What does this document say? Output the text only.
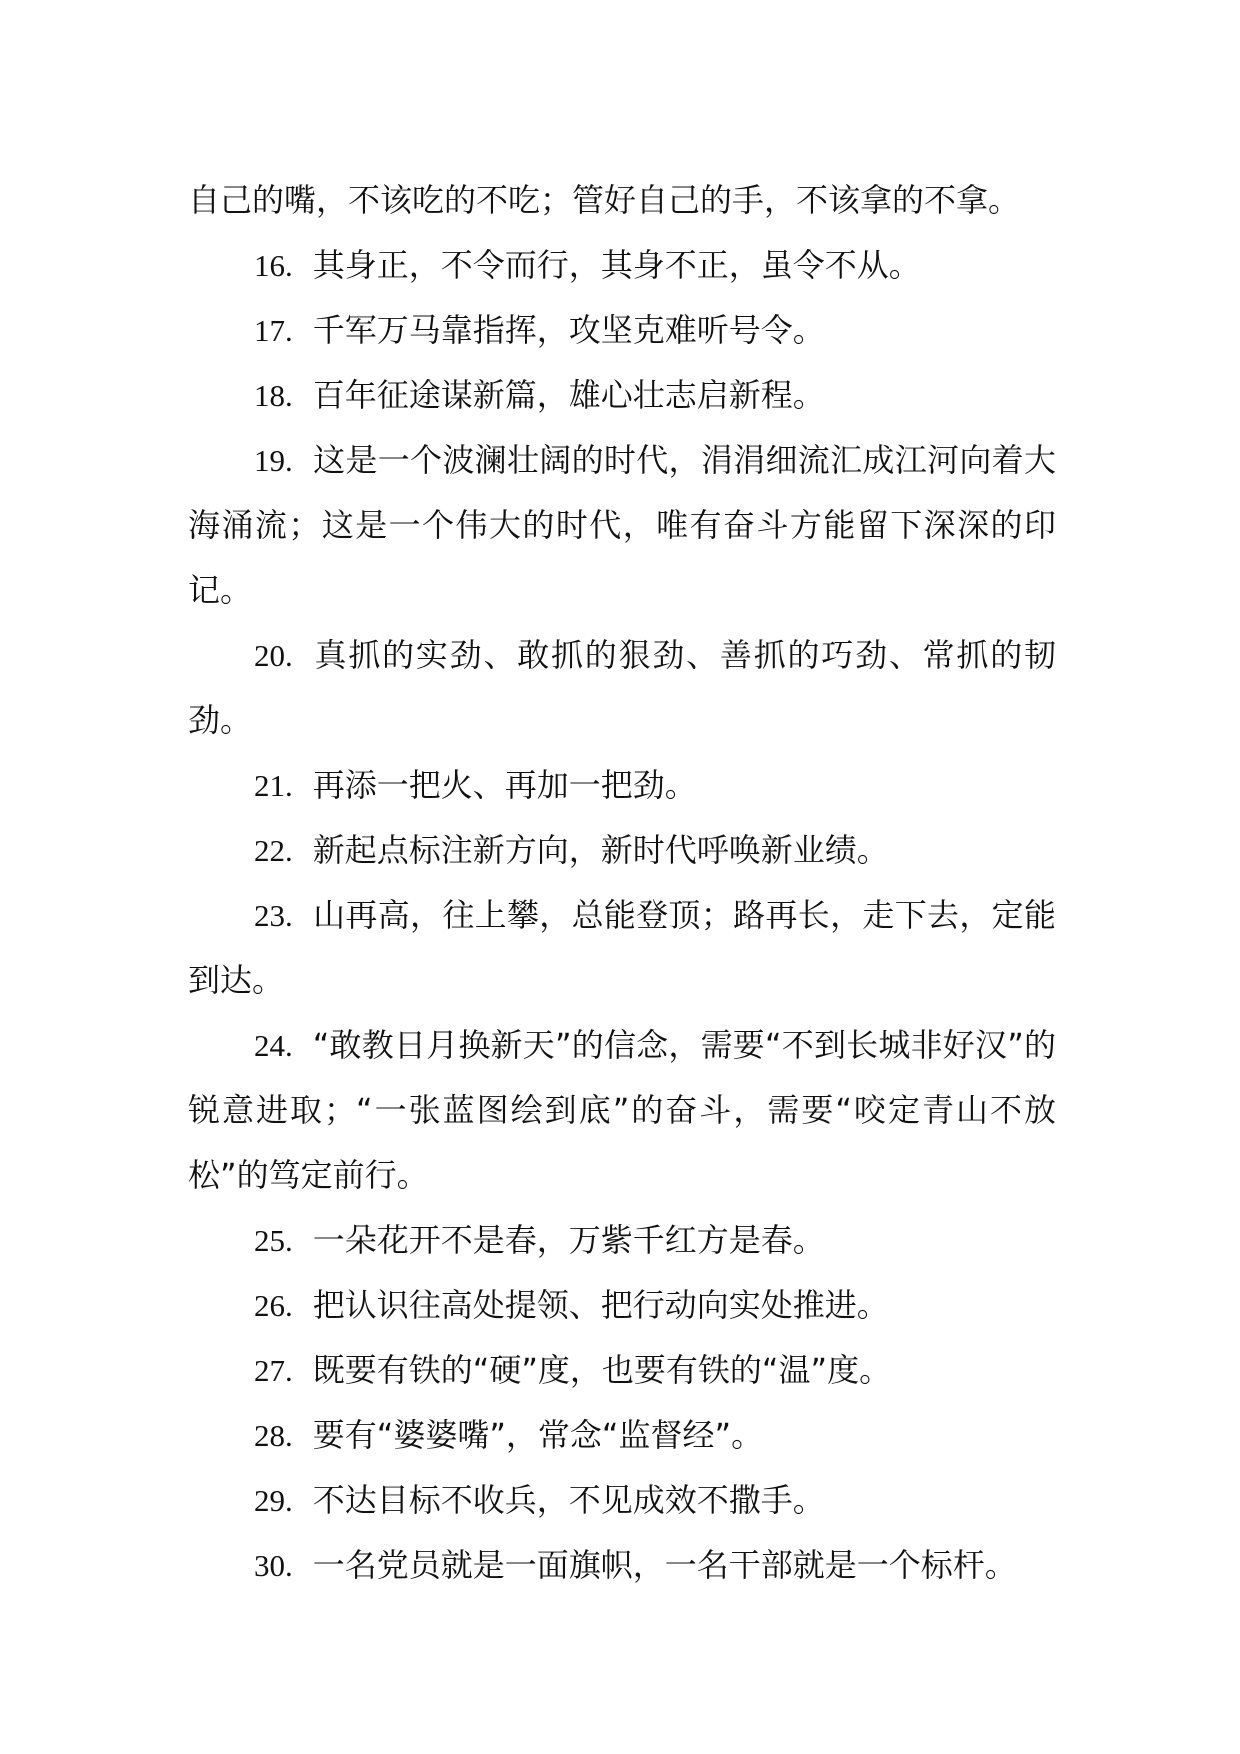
自己的嘴，不该吃的不吃；管好自己的手，不该拿的不拿。

16. 其身正，不令而行，其身不正，虽令不从。

17. 千军万马靠指挥，攻坚克难听号令。

18. 百年征途谋新篇，雄心壮志启新程。

19. 这是一个波澜壮阔的时代，涓涓细流汇成江河向着大海涌流；这是一个伟大的时代，唯有奋斗方能留下深深的印记。

20. 真抓的实劲、敢抓的狠劲、善抓的巧劲、常抓的韧劲。

21. 再添一把火、再加一把劲。

22. 新起点标注新方向，新时代呼唤新业绩。

23. 山再高，往上攀，总能登顶；路再长，走下去，定能到达。

24. “敢教日月换新天”的信念，需要“不到长城非好汉”的锐意进取；“一张蓝图绘到底”的奋斗，需要“咬定青山不放松”的笃定前行。

25. 一朵花开不是春，万紫千红方是春。

26. 把认识往高处提领、把行动向实处推进。

27. 既要有铁的“硬”度，也要有铁的“温”度。

28. 要有“婆婆嘴”，常念“监督经”。

29. 不达目标不收兵，不见成效不撒手。

30. 一名党员就是一面旗帜，一名干部就是一个标杆。
